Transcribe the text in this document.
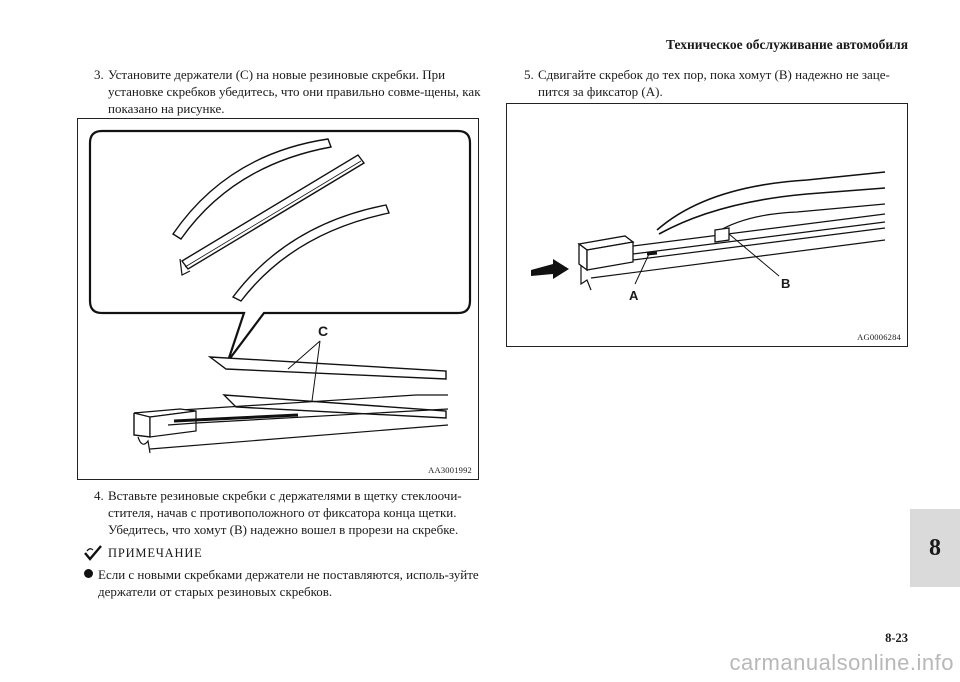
Техническое обслуживание автомобиля
3. Установите держатели (С) на новые резиновые скребки. При установке скребков убедитесь, что они правильно совме-щены, как показано на рисунке.
C
AA3001992
4. Вставьте резиновые скребки с держателями в щетку стеклоочи-стителя, начав с противоположного от фиксатора конца щетки. Убедитесь, что хомут (В) надежно вошел в прорези на скребке.
ПРИМЕЧАНИЕ
Если с новыми скребками держатели не поставляются, исполь-зуйте держатели от старых резиновых скребков.
5. Сдвигайте скребок до тех пор, пока хомут (В) надежно не заце-пится за фиксатор (А).
A
B
AG0006284
8
8-23
carmanualsonline.info
